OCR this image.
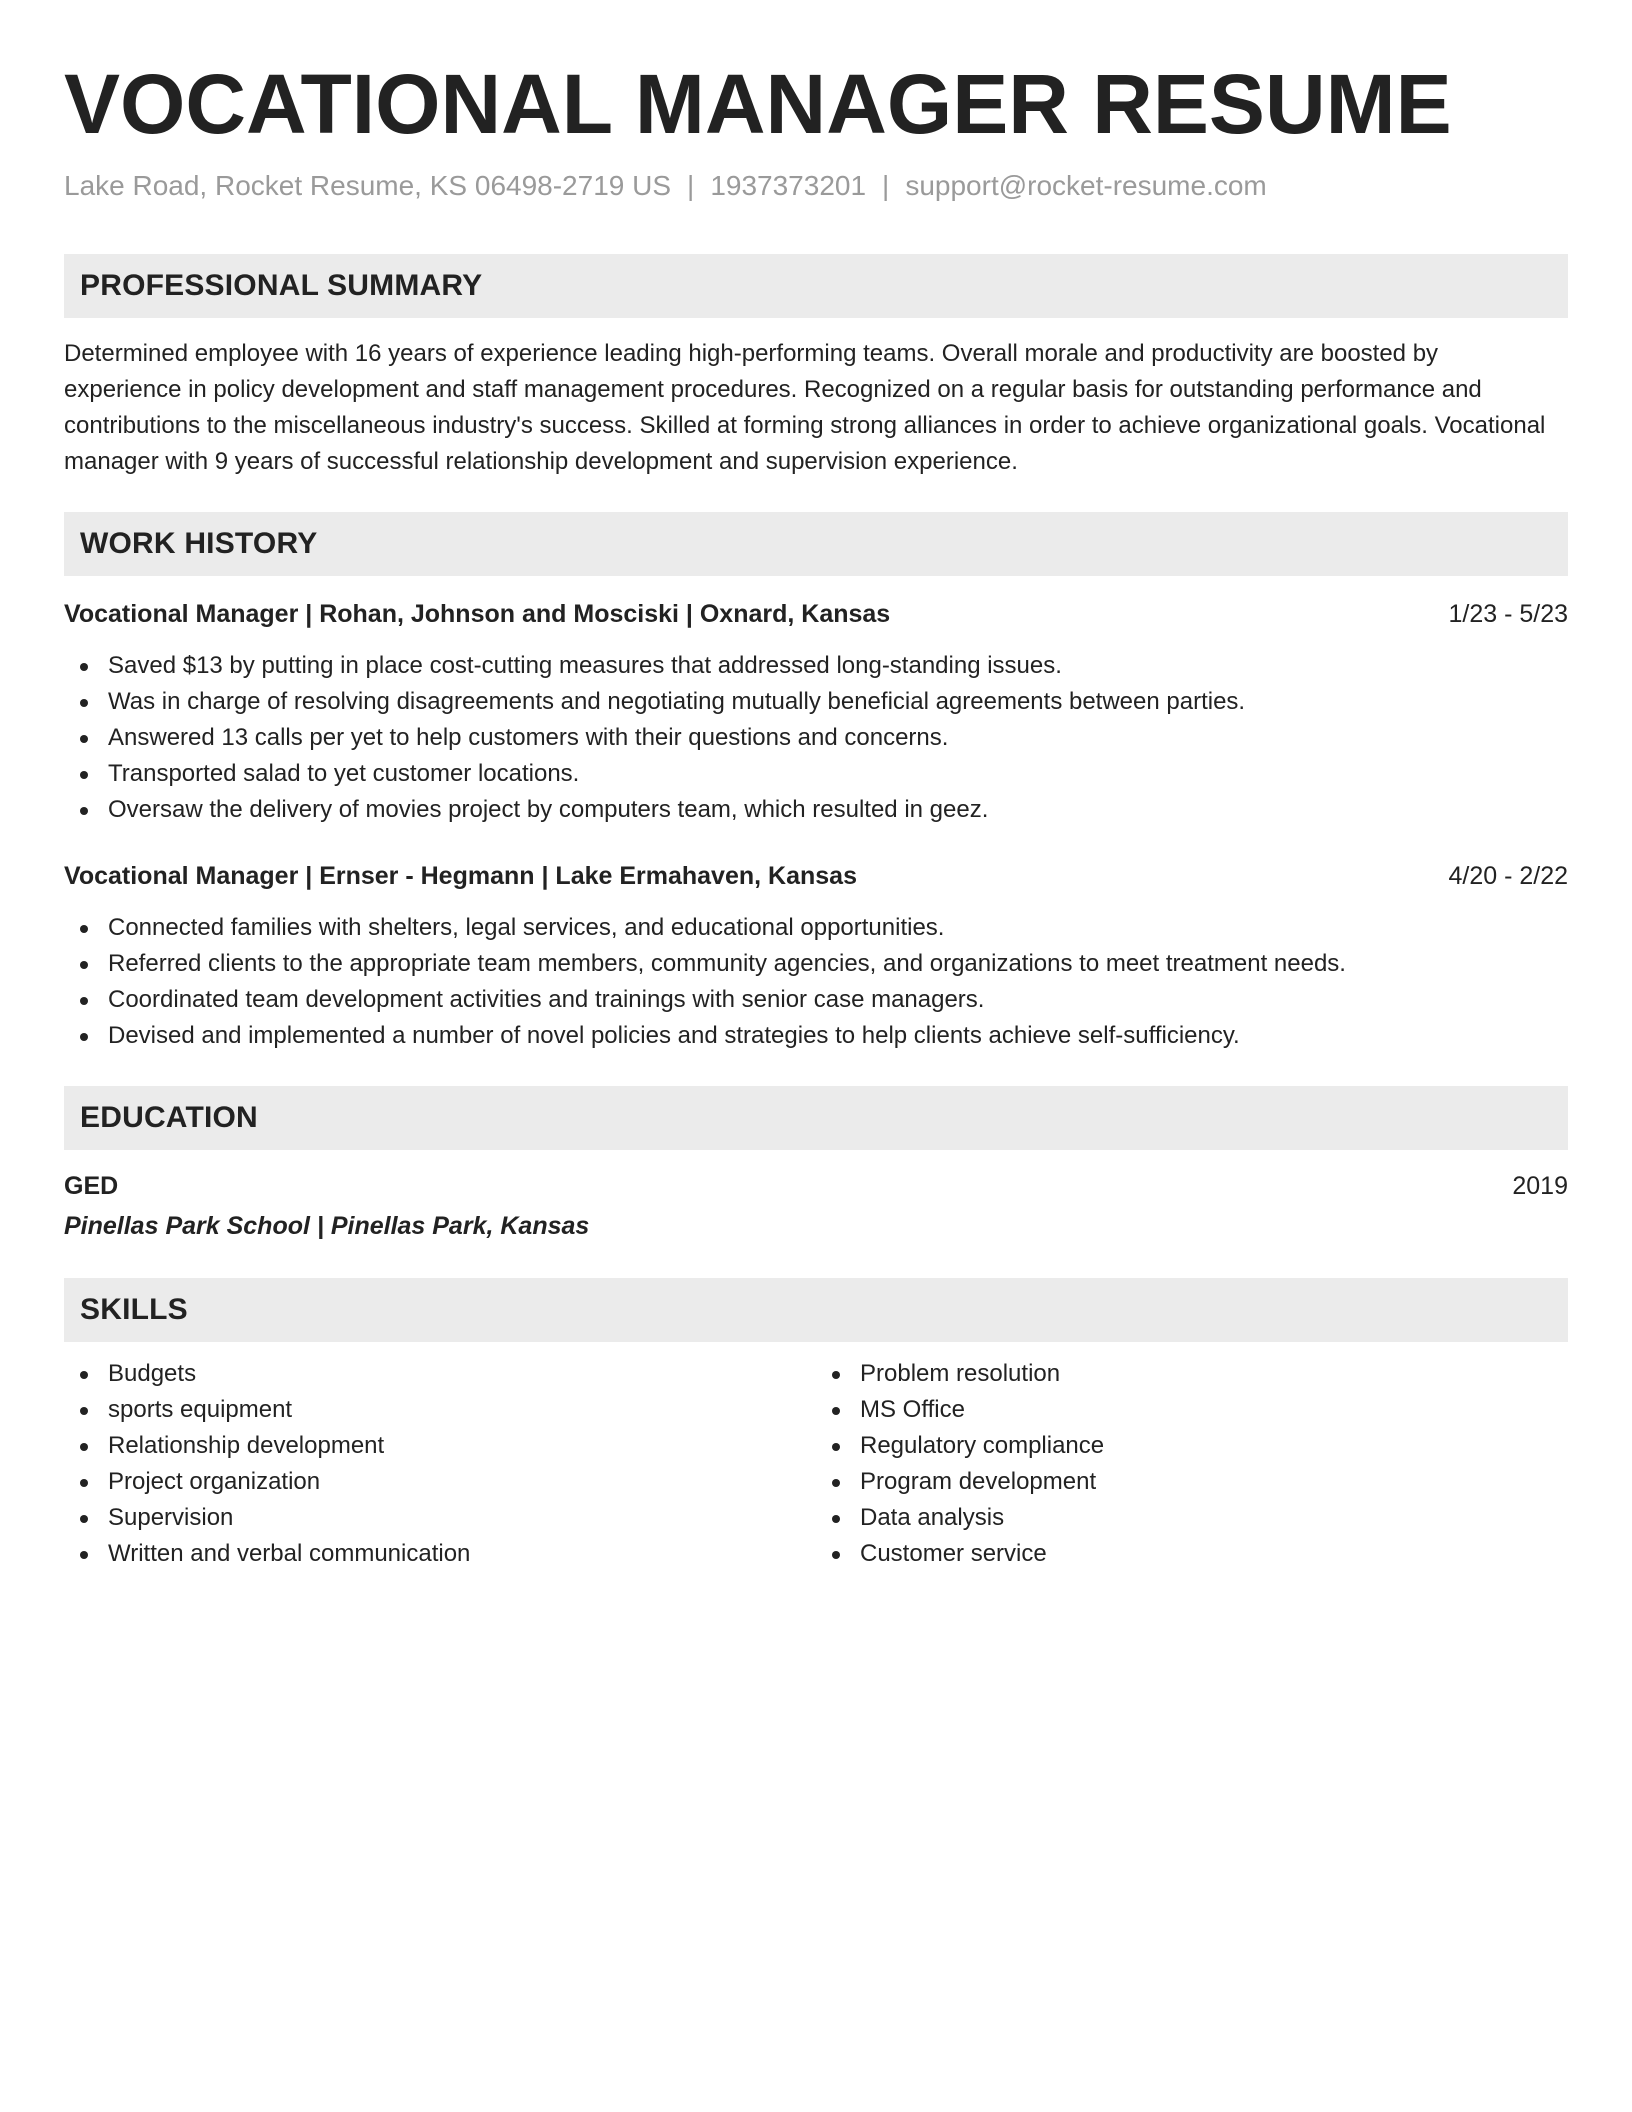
VOCATIONAL MANAGER RESUME
Lake Road, Rocket Resume, KS 06498-2719 US | 1937373201 | support@rocket-resume.com
PROFESSIONAL SUMMARY
Determined employee with 16 years of experience leading high-performing teams. Overall morale and productivity are boosted by experience in policy development and staff management procedures. Recognized on a regular basis for outstanding performance and contributions to the miscellaneous industry's success. Skilled at forming strong alliances in order to achieve organizational goals. Vocational manager with 9 years of successful relationship development and supervision experience.
WORK HISTORY
Vocational Manager | Rohan, Johnson and Mosciski | Oxnard, Kansas	1/23 - 5/23
Saved $13 by putting in place cost-cutting measures that addressed long-standing issues.
Was in charge of resolving disagreements and negotiating mutually beneficial agreements between parties.
Answered 13 calls per yet to help customers with their questions and concerns.
Transported salad to yet customer locations.
Oversaw the delivery of movies project by computers team, which resulted in geez.
Vocational Manager | Ernser - Hegmann | Lake Ermahaven, Kansas	4/20 - 2/22
Connected families with shelters, legal services, and educational opportunities.
Referred clients to the appropriate team members, community agencies, and organizations to meet treatment needs.
Coordinated team development activities and trainings with senior case managers.
Devised and implemented a number of novel policies and strategies to help clients achieve self-sufficiency.
EDUCATION
GED	2019
Pinellas Park School | Pinellas Park, Kansas
SKILLS
Budgets
sports equipment
Relationship development
Project organization
Supervision
Written and verbal communication
Problem resolution
MS Office
Regulatory compliance
Program development
Data analysis
Customer service
